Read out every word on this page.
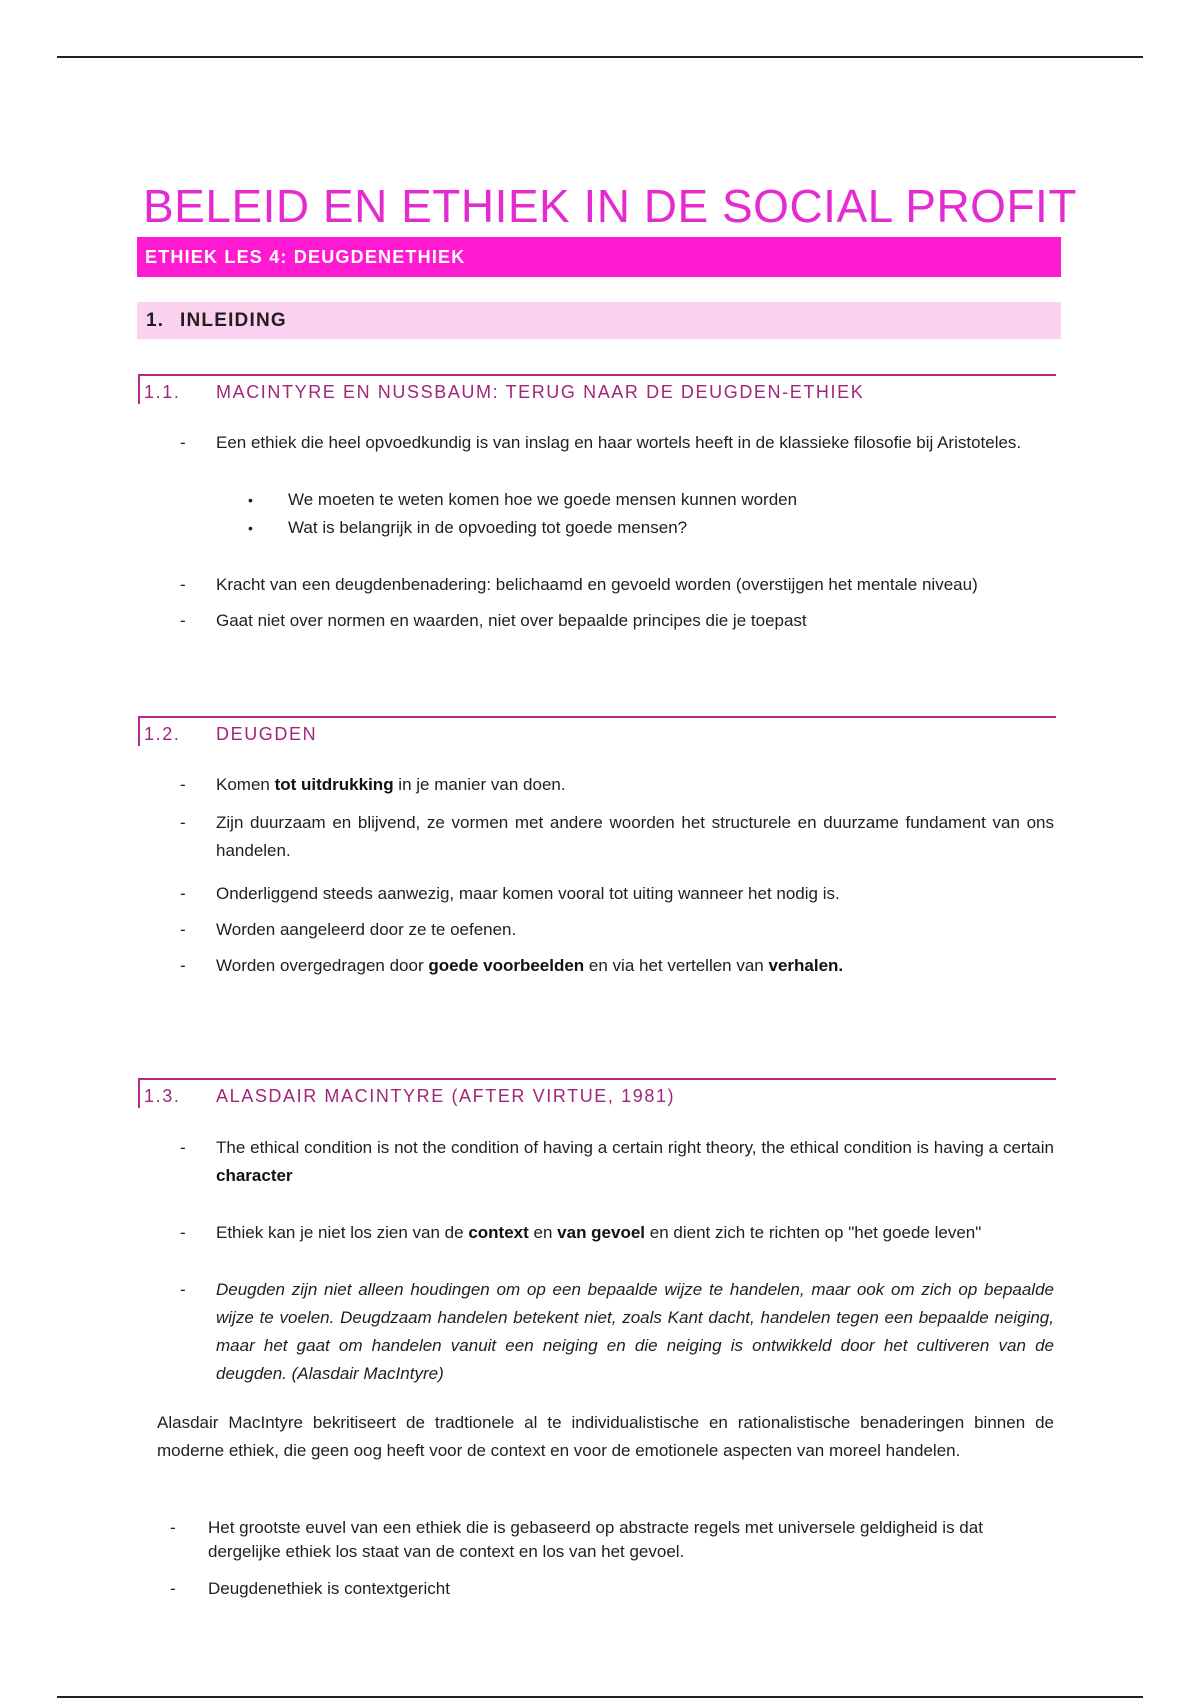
BELEID EN ETHIEK IN DE SOCIAL PROFIT
ETHIEK LES 4: DEUGDENETHIEK
1. INLEIDING
1.1. MACINTYRE EN NUSSBAUM: TERUG NAAR DE DEUGDEN-ETHIEK
- Een ethiek die heel opvoedkundig is van inslag en haar wortels heeft in de klassieke filosofie bij Aristoteles.
• We moeten te weten komen hoe we goede mensen kunnen worden
• Wat is belangrijk in de opvoeding tot goede mensen?
- Kracht van een deugdenbenadering: belichaamd en gevoeld worden (overstijgen het mentale niveau)
- Gaat niet over normen en waarden, niet over bepaalde principes die je toepast
1.2. DEUGDEN
- Komen tot uitdrukking in je manier van doen.
- Zijn duurzaam en blijvend, ze vormen met andere woorden het structurele en duurzame fundament van ons handelen.
- Onderliggend steeds aanwezig, maar komen vooral tot uiting wanneer het nodig is.
- Worden aangeleerd door ze te oefenen.
- Worden overgedragen door goede voorbeelden en via het vertellen van verhalen.
1.3. ALASDAIR MACINTYRE (AFTER VIRTUE, 1981)
- The ethical condition is not the condition of having a certain right theory, the ethical condition is having a certain character
- Ethiek kan je niet los zien van de context en van gevoel en dient zich te richten op "het goede leven"
- Deugden zijn niet alleen houdingen om op een bepaalde wijze te handelen, maar ook om zich op bepaalde wijze te voelen. Deugdzaam handelen betekent niet, zoals Kant dacht, handelen tegen een bepaalde neiging, maar het gaat om handelen vanuit een neiging en die neiging is ontwikkeld door het cultiveren van de deugden. (Alasdair MacIntyre)
Alasdair MacIntyre bekritiseert de tradtionele al te individualistische en rationalistische benaderingen binnen de moderne ethiek, die geen oog heeft voor de context en voor de emotionele aspecten van moreel handelen.
- Het grootste euvel van een ethiek die is gebaseerd op abstracte regels met universele geldigheid is dat dergelijke ethiek los staat van de context en los van het gevoel.
- Deugdenethiek is contextgericht
